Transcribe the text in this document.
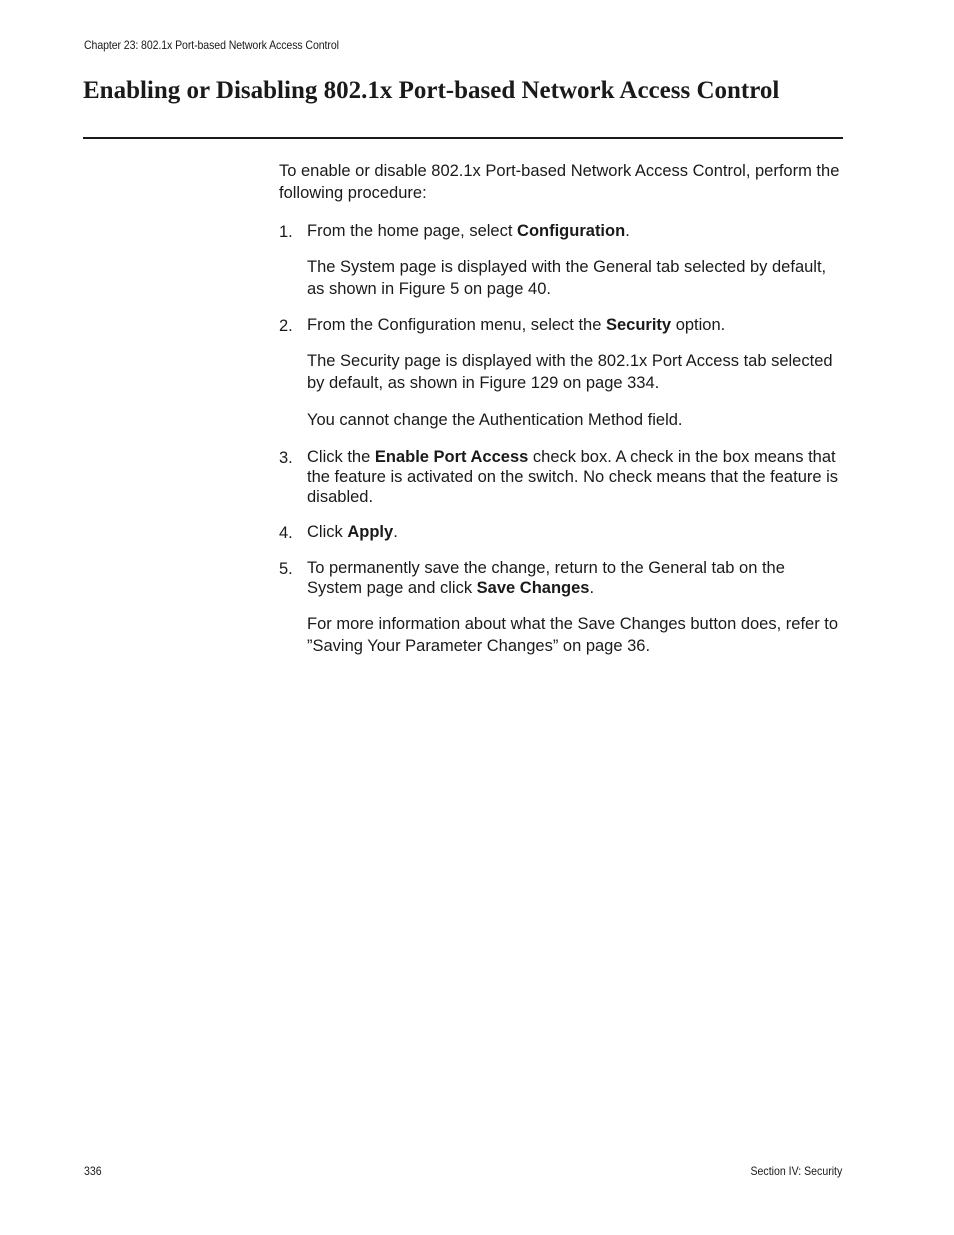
Chapter 23: 802.1x Port-based Network Access Control
Enabling or Disabling 802.1x Port-based Network Access Control

To enable or disable 802.1x Port-based Network Access Control, perform the following procedure:

1. From the home page, select Configuration.

The System page is displayed with the General tab selected by default, as shown in Figure 5 on page 40.

2. From the Configuration menu, select the Security option.

The Security page is displayed with the 802.1x Port Access tab selected by default, as shown in Figure 129 on page 334.

You cannot change the Authentication Method field.

3. Click the Enable Port Access check box. A check in the box means that the feature is activated on the switch. No check means that the feature is disabled.

4. Click Apply.

5. To permanently save the change, return to the General tab on the System page and click Save Changes.

For more information about what the Save Changes button does, refer to ”Saving Your Parameter Changes” on page 36.

336	Section IV: Security
